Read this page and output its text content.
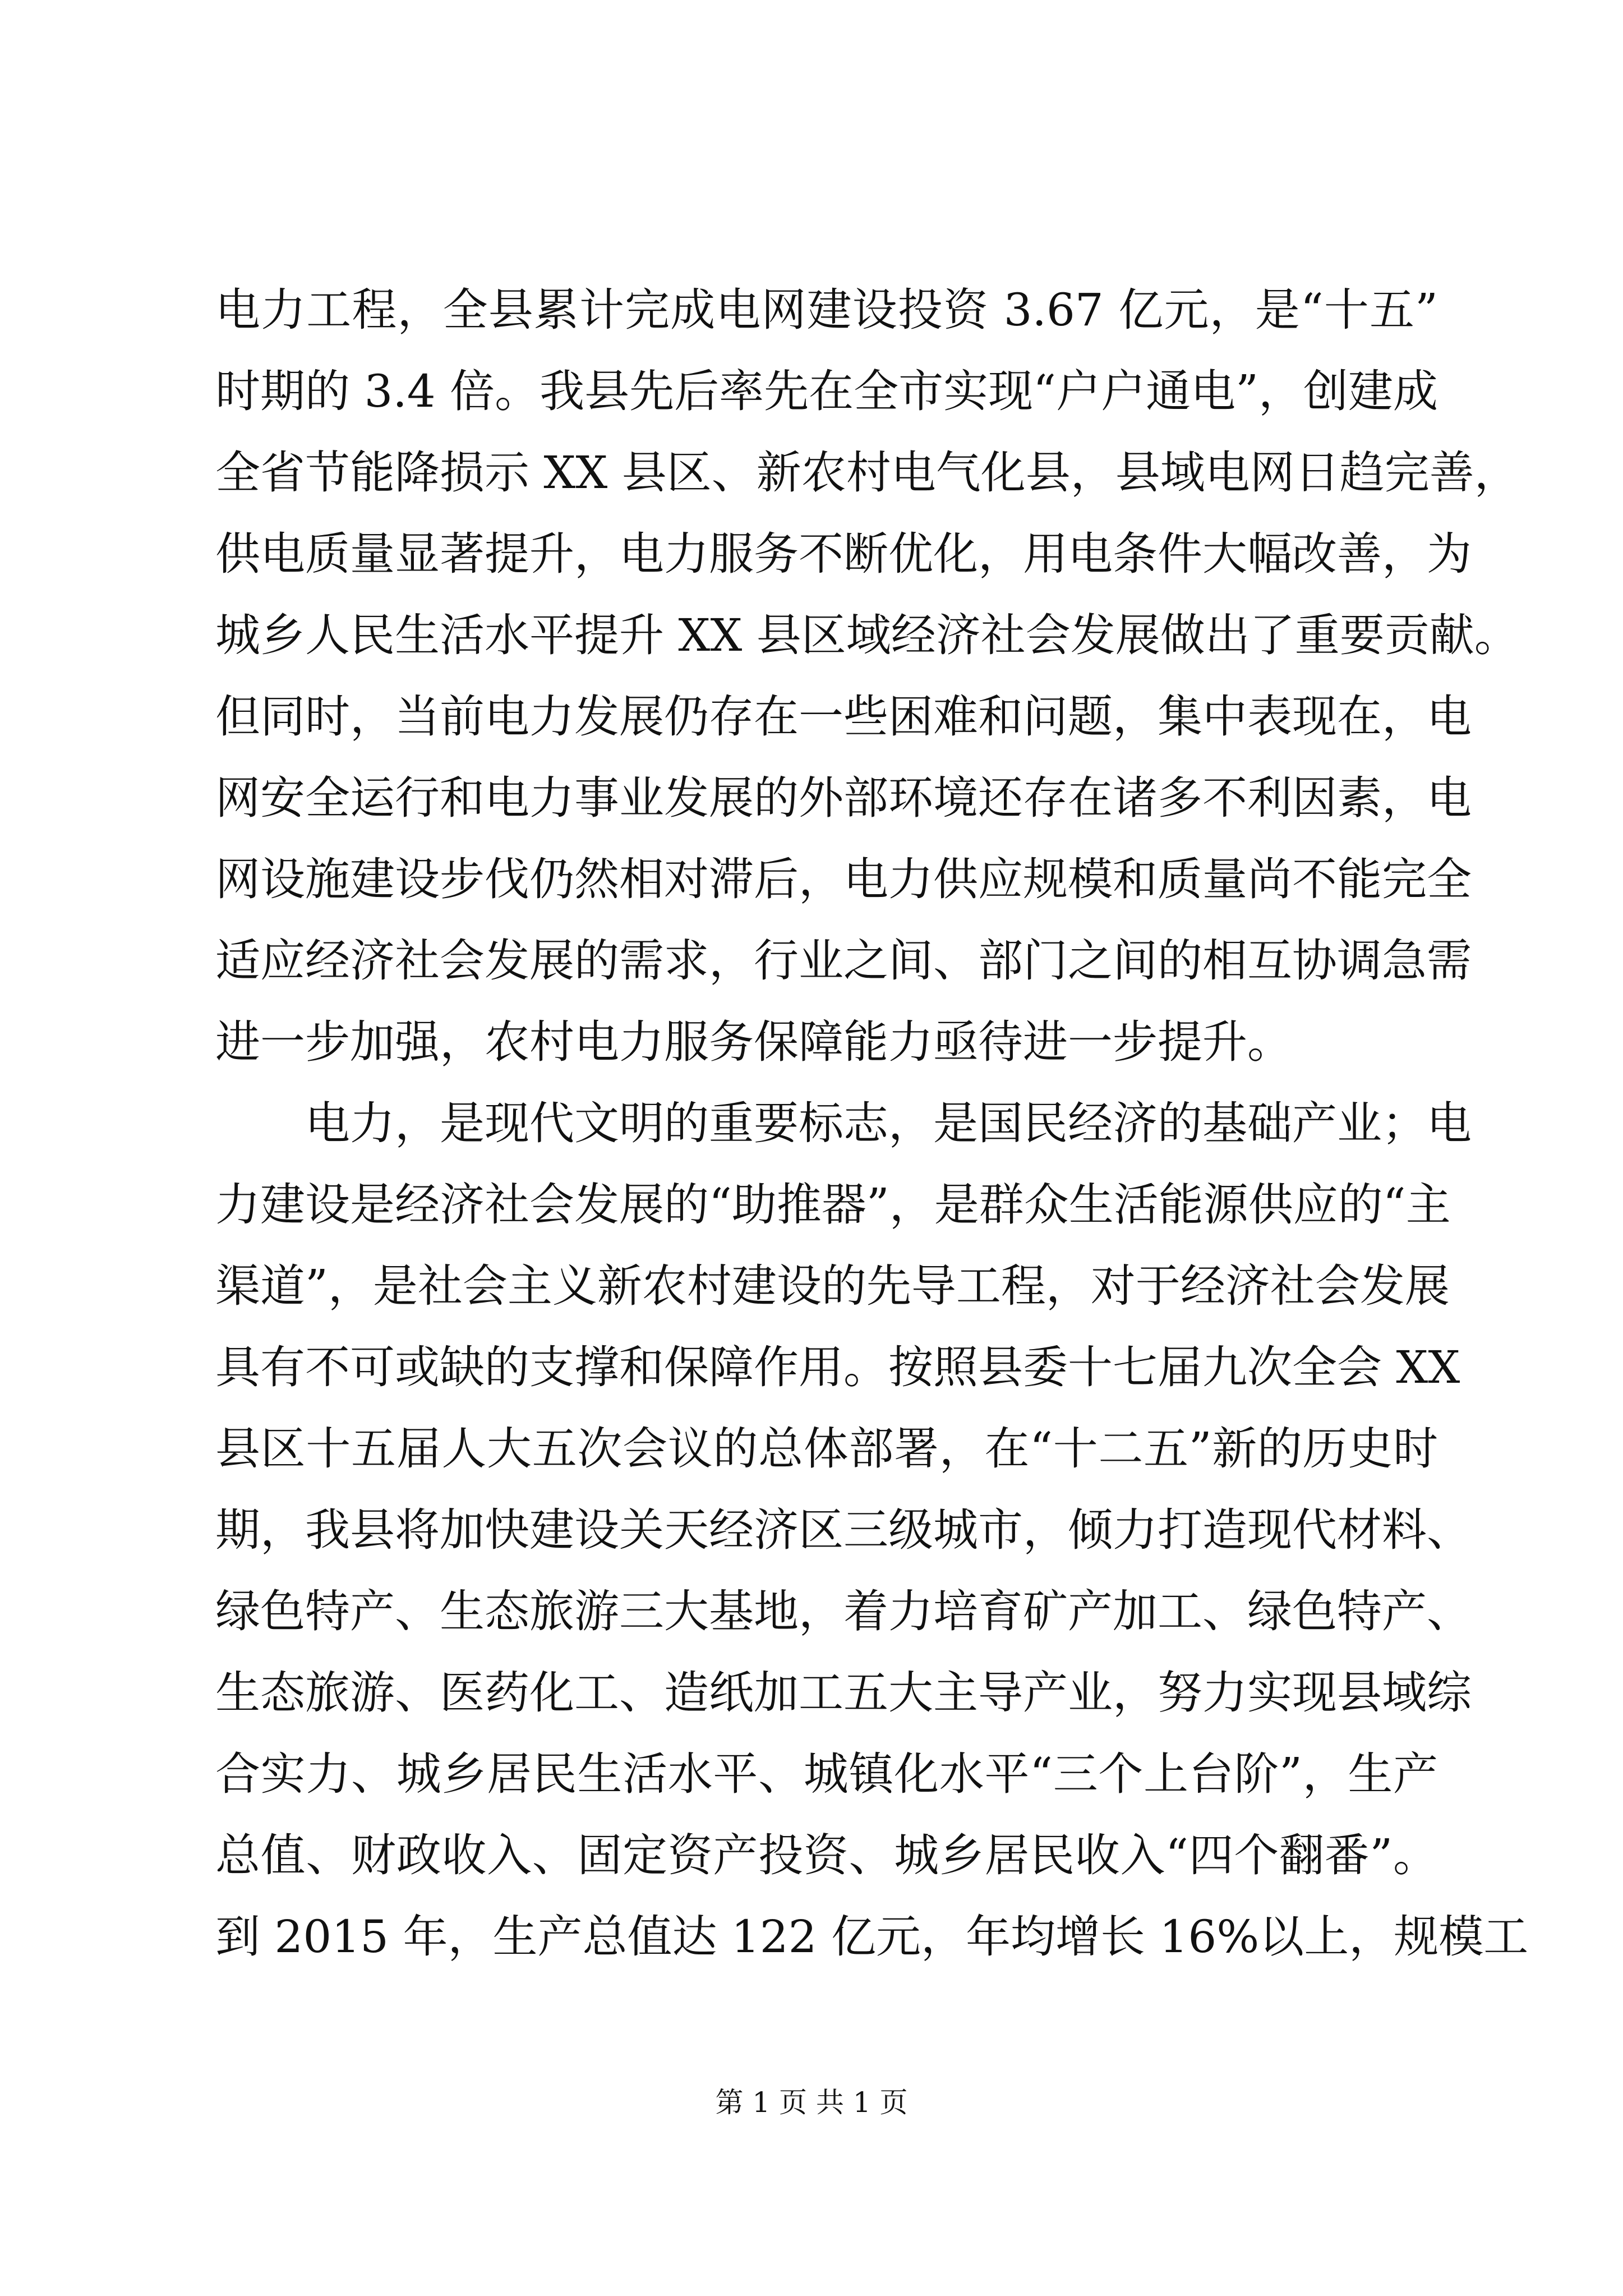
电力工程，全县累计完成电网建设投资 3.67 亿元，是“十五”
时期的 3.4 倍。我县先后率先在全市实现“户户通电”，创建成
全省节能降损示 XX 县区、新农村电气化县，县域电网日趋完善，
供电质量显著提升，电力服务不断优化，用电条件大幅改善，为
城乡人民生活水平提升 XX 县区域经济社会发展做出了重要贡献。
但同时，当前电力发展仍存在一些困难和问题，集中表现在，电
网安全运行和电力事业发展的外部环境还存在诸多不利因素，电
网设施建设步伐仍然相对滞后，电力供应规模和质量尚不能完全
适应经济社会发展的需求，行业之间、部门之间的相互协调急需
进一步加强，农村电力服务保障能力亟待进一步提升。
电力，是现代文明的重要标志，是国民经济的基础产业；电
力建设是经济社会发展的“助推器”，是群众生活能源供应的“主
渠道”，是社会主义新农村建设的先导工程，对于经济社会发展
具有不可或缺的支撑和保障作用。按照县委十七届九次全会 XX
县区十五届人大五次会议的总体部署，在“十二五”新的历史时
期，我县将加快建设关天经济区三级城市，倾力打造现代材料、
绿色特产、生态旅游三大基地，着力培育矿产加工、绿色特产、
生态旅游、医药化工、造纸加工五大主导产业，努力实现县域综
合实力、城乡居民生活水平、城镇化水平“三个上台阶”，生产
总值、财政收入、固定资产投资、城乡居民收入“四个翻番”。
到 2015 年，生产总值达 122 亿元，年均增长 16%以上，规模工
第 1 页 共 1 页
